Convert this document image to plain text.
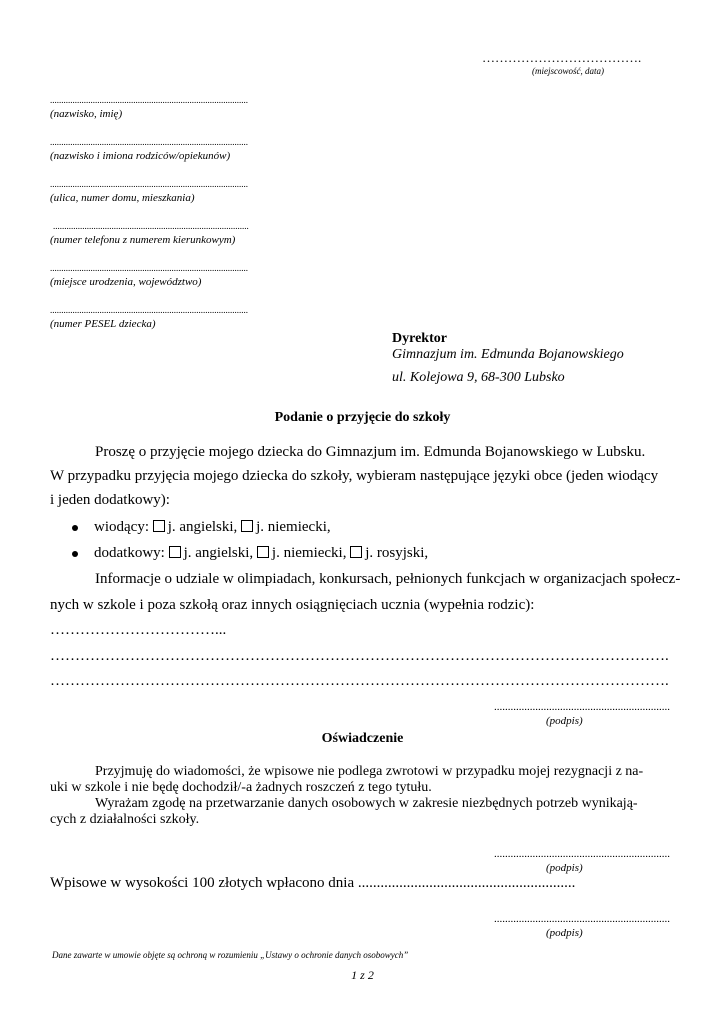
……………………………….
(miejscowość, data)
........................................................................................
(nazwisko, imię)
........................................................................................
(nazwisko i imiona rodziców/opiekunów)
........................................................................................
(ulica, numer domu, mieszkania)
.......................................................................................
(numer telefonu z numerem kierunkowym)
........................................................................................
(miejsce urodzenia, województwo)
........................................................................................
(numer PESEL dziecka)
Dyrektor
Gimnazjum im. Edmunda Bojanowskiego
ul. Kolejowa 9, 68-300 Lubsko
Podanie o przyjęcie do szkoły
Proszę o przyjęcie mojego dziecka do Gimnazjum im. Edmunda Bojanowskiego w Lubsku.
W przypadku przyjęcia mojego dziecka do szkoły, wybieram następujące języki obce (jeden wiodący
i jeden dodatkowy):
wiodący: j. angielski, j. niemiecki,
dodatkowy: j. angielski, j. niemiecki, j. rosyjski,
Informacje o udziale w olimpiadach, konkursach, pełnionych funkcjach w organizacjach społecz-
nych w szkole i poza szkołą oraz innych osiągnięciach ucznia (wypełnia rodzic):
……………………………...
…………………………………………………………………………………………………………….
…………………………………………………………………………………………………………….
................................................................
(podpis)
Oświadczenie
Przyjmuję do wiadomości, że wpisowe nie podlega zwrotowi w przypadku mojej rezygnacji z na-
uki w szkole i nie będę dochodził/-a żadnych roszczeń z tego tytułu.
Wyrażam zgodę na przetwarzanie danych osobowych w zakresie niezbędnych potrzeb wynikają-
cych z działalności szkoły.
................................................................
(podpis)
Wpisowe w wysokości 100 złotych wpłacono dnia ..........................................................
................................................................
(podpis)
Dane zawarte w umowie objęte są ochroną w rozumieniu „Ustawy o ochronie danych osobowych”
1 z 2
